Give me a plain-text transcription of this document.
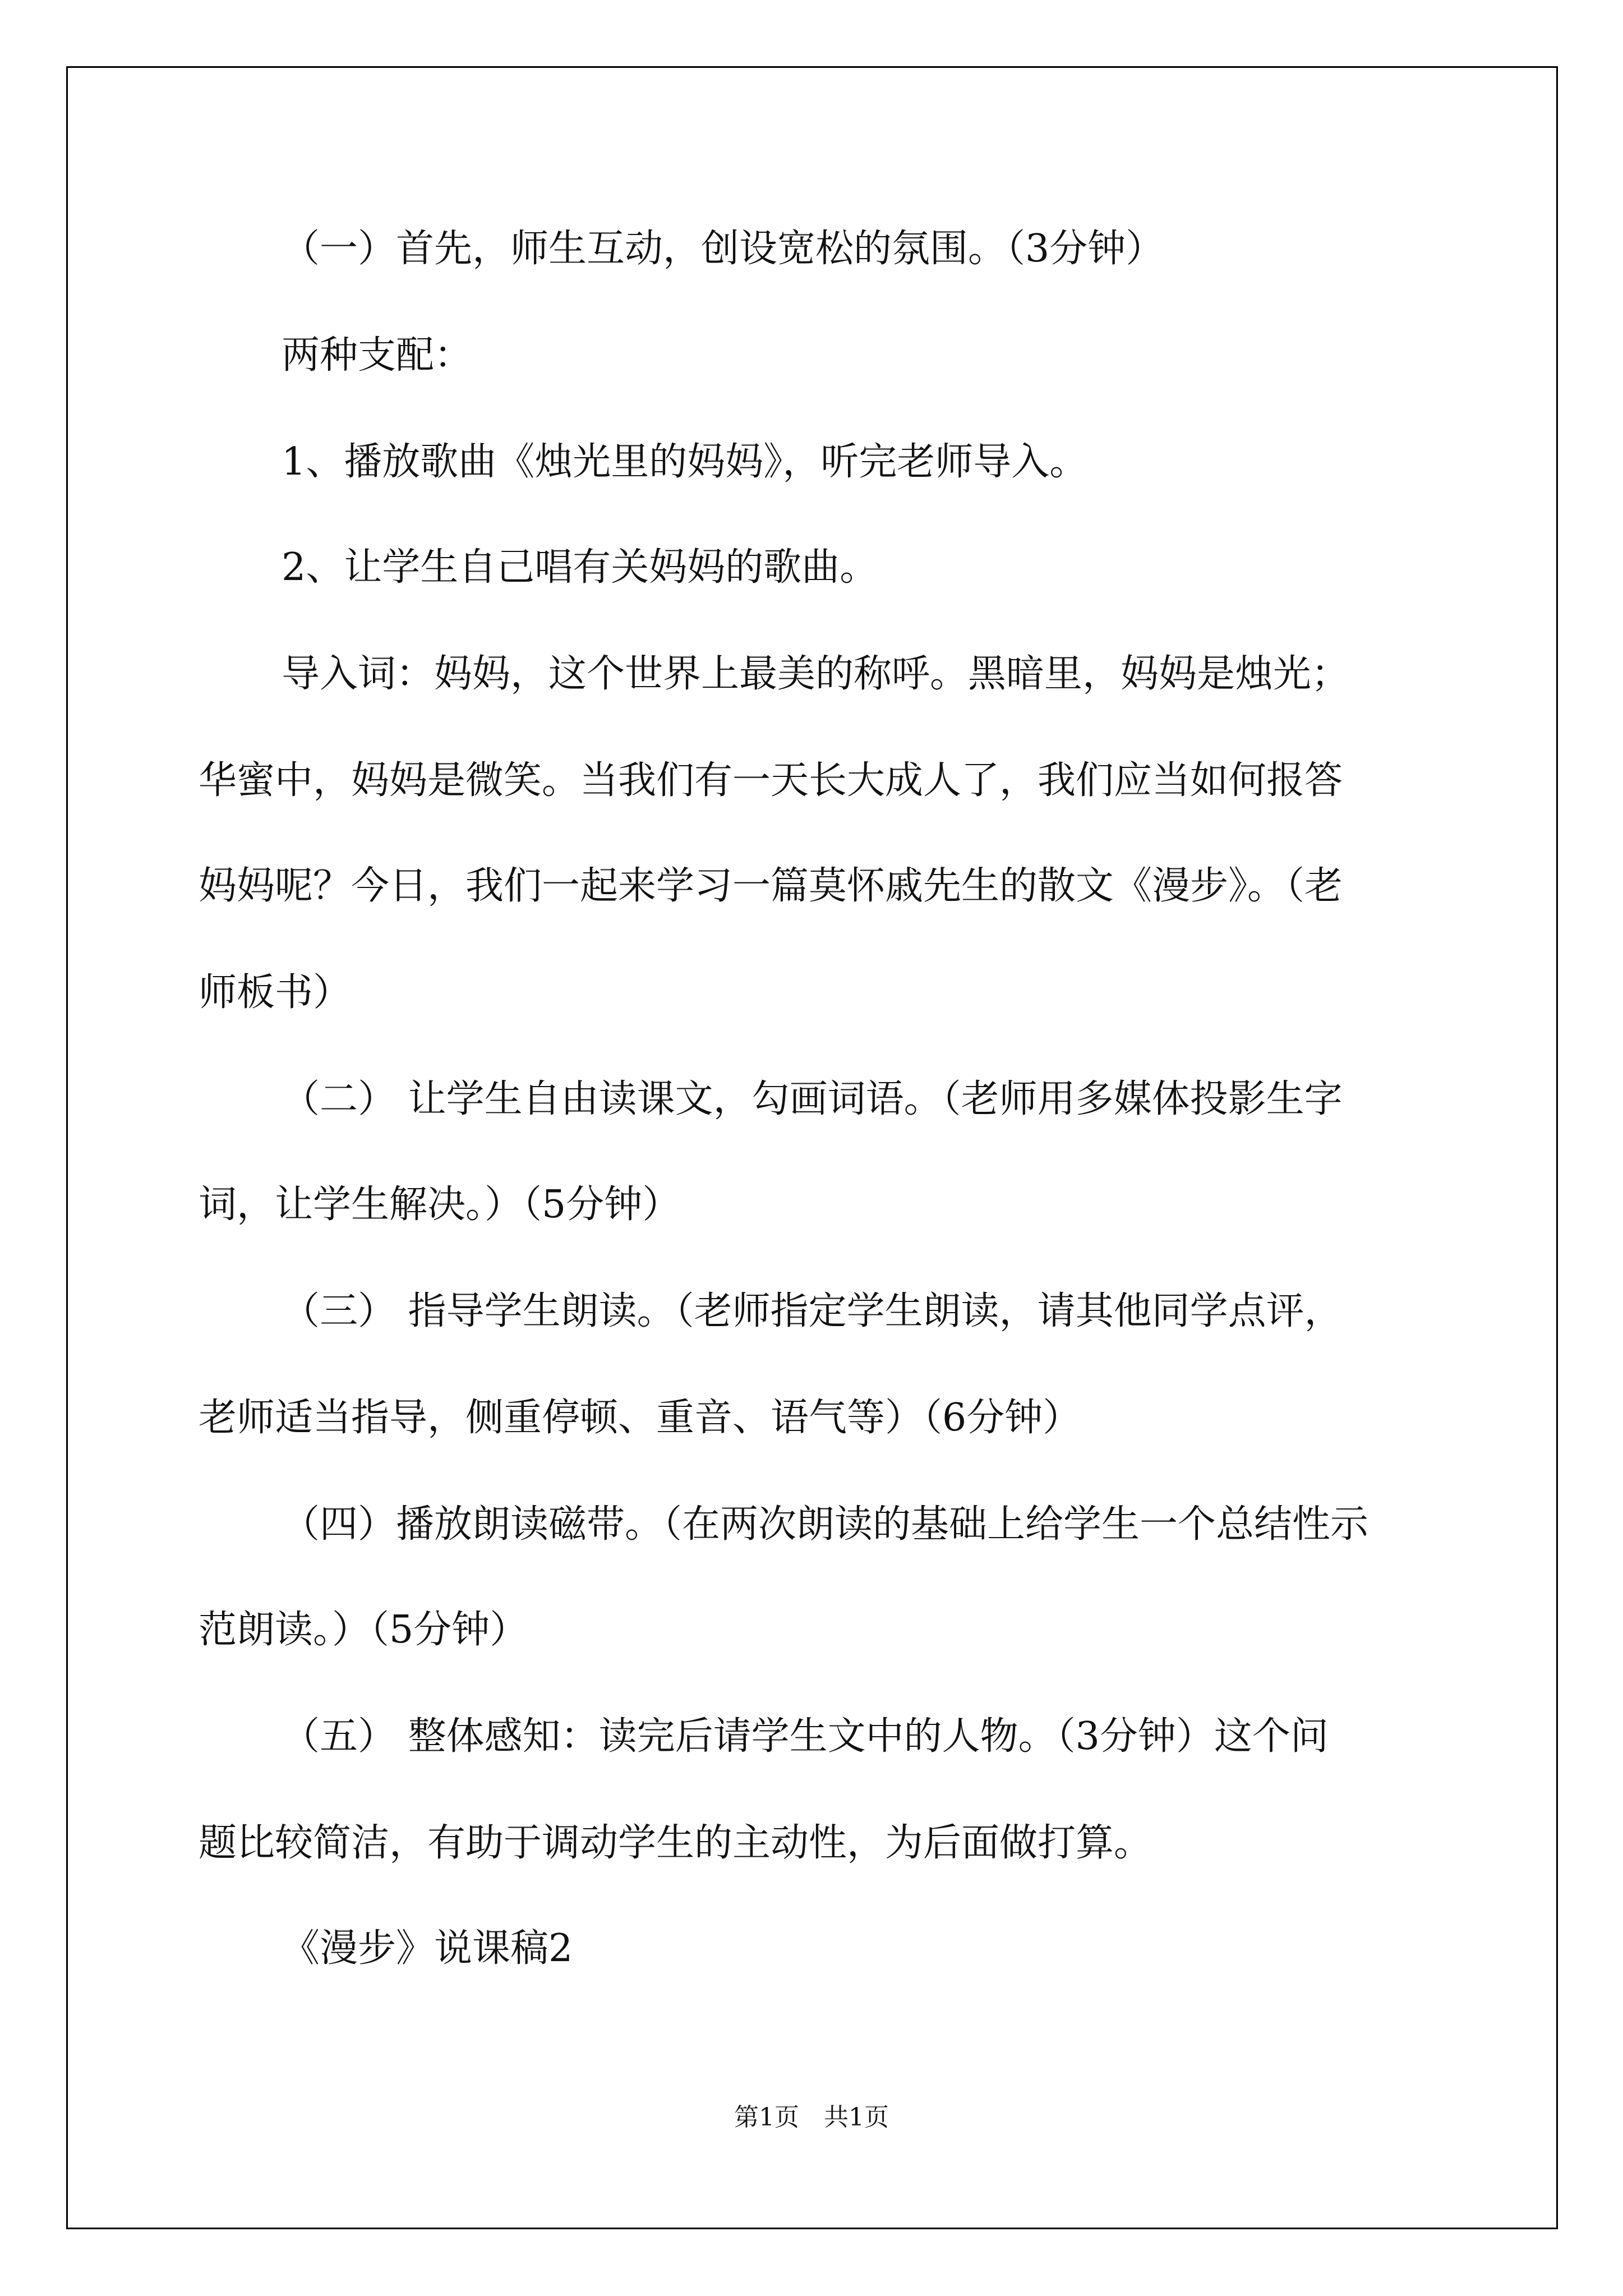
（一）首先，师生互动，创设宽松的氛围。（3分钟）
两种支配：
1、播放歌曲《烛光里的妈妈》，听完老师导入。
2、让学生自己唱有关妈妈的歌曲。
导入词：妈妈，这个世界上最美的称呼。黑暗里，妈妈是烛光；
华蜜中，妈妈是微笑。当我们有一天长大成人了，我们应当如何报答
妈妈呢？今日，我们一起来学习一篇莫怀戚先生的散文《漫步》。（老
师板书）
（二） 让学生自由读课文，勾画词语。（老师用多媒体投影生字
词，让学生解决。）（5分钟）
（三） 指导学生朗读。（老师指定学生朗读，请其他同学点评，
老师适当指导，侧重停顿、重音、语气等）（6分钟）
（四）播放朗读磁带。（在两次朗读的基础上给学生一个总结性示
范朗读。）（5分钟）
（五） 整体感知：读完后请学生文中的人物。（3分钟）这个问
题比较简洁，有助于调动学生的主动性，为后面做打算。
《漫步》说课稿2
第1页　共1页
